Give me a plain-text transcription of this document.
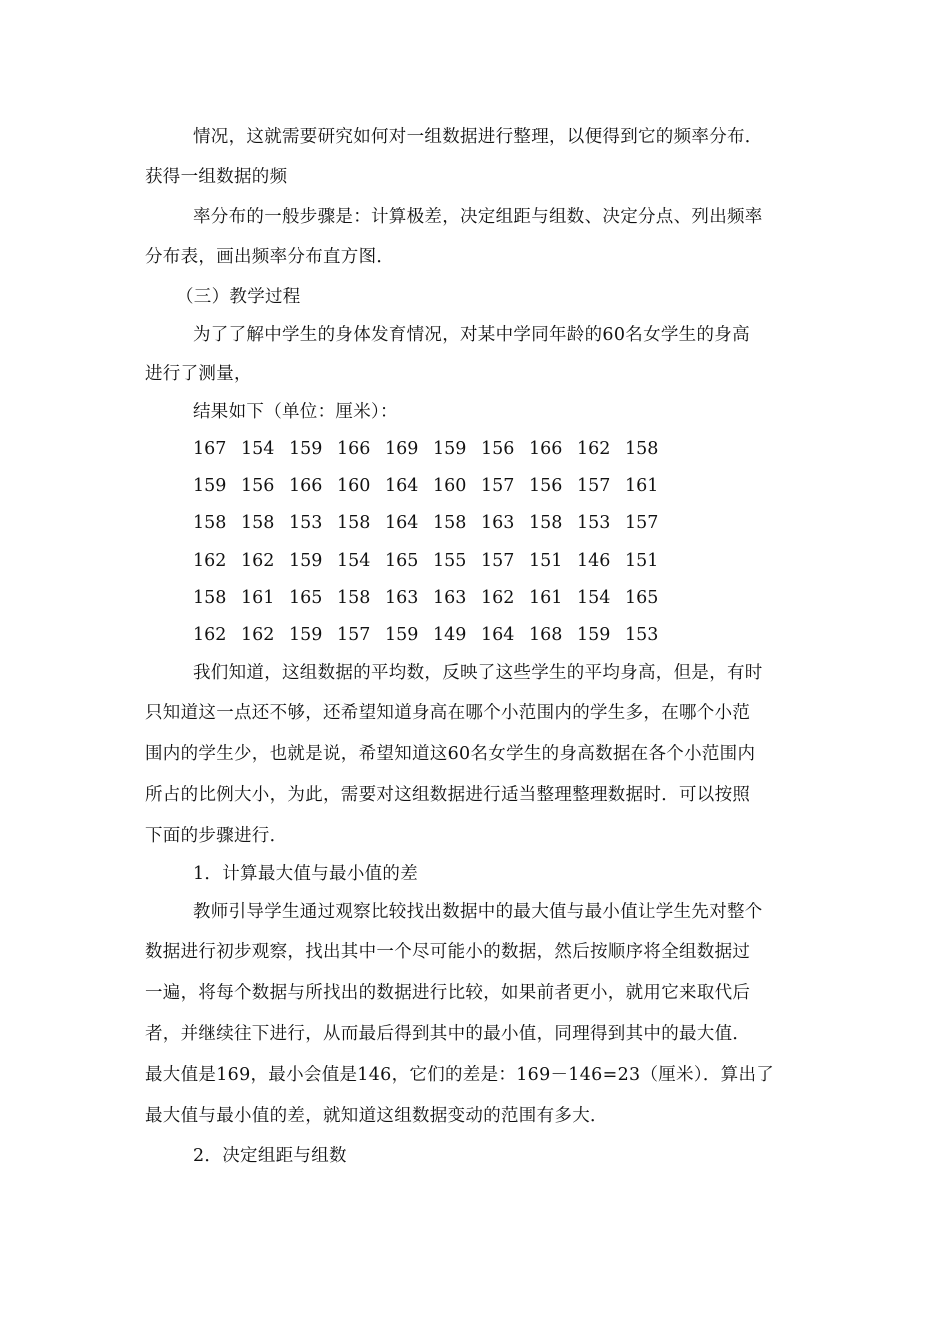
情况，这就需要研究如何对一组数据进行整理，以便得到它的频率分布．
获得一组数据的频
率分布的一般步骤是：计算极差，决定组距与组数、决定分点、列出频率
分布表，画出频率分布直方图．
（三）教学过程
为了了解中学生的身体发育情况，对某中学同年龄的60名女学生的身高
进行了测量，
结果如下（单位：厘米）：
167 154 159 166 169 159 156 166 162 158
159 156 166 160 164 160 157 156 157 161
158 158 153 158 164 158 163 158 153 157
162 162 159 154 165 155 157 151 146 151
158 161 165 158 163 163 162 161 154 165
162 162 159 157 159 149 164 168 159 153
我们知道，这组数据的平均数，反映了这些学生的平均身高，但是，有时
只知道这一点还不够，还希望知道身高在哪个小范围内的学生多，在哪个小范
围内的学生少，也就是说，希望知道这60名女学生的身高数据在各个小范围内
所占的比例大小，为此，需要对这组数据进行适当整理整理数据时．可以按照
下面的步骤进行．
1．计算最大值与最小值的差
教师引导学生通过观察比较找出数据中的最大值与最小值让学生先对整个
数据进行初步观察，找出其中一个尽可能小的数据，然后按顺序将全组数据过
一遍，将每个数据与所找出的数据进行比较，如果前者更小，就用它来取代后
者，并继续往下进行，从而最后得到其中的最小值，同理得到其中的最大值．
最大值是169，最小会值是146，它们的差是：169－146=23（厘米）．算出了
最大值与最小值的差，就知道这组数据变动的范围有多大．
2．决定组距与组数
